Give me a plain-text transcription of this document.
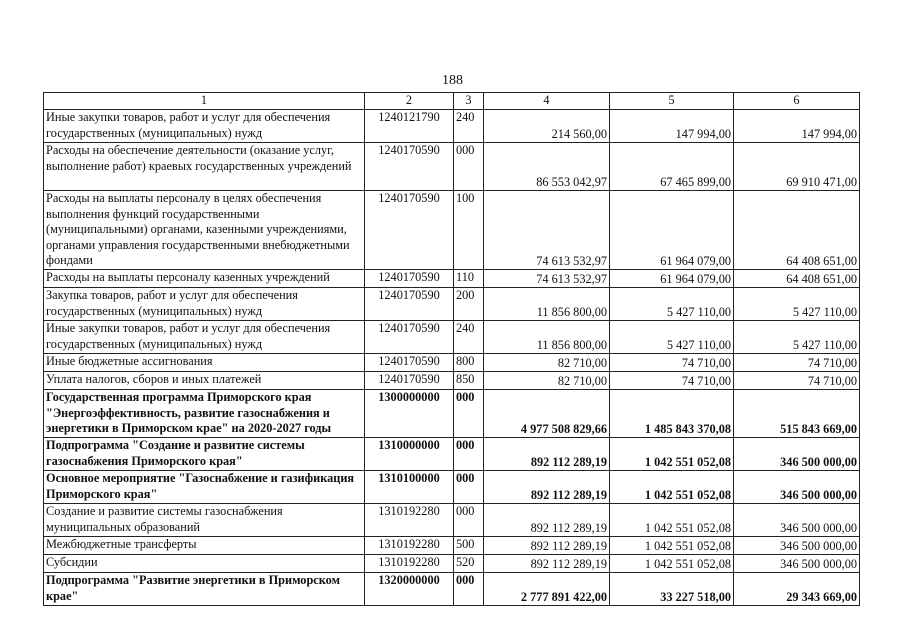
188
1	2	3	4	5	6
Иные закупки товаров, работ и услуг для обеспечения государственных (муниципальных) нужд	1240121790	240	214 560,00	147 994,00	147 994,00
Расходы на обеспечение деятельности (оказание услуг, выполнение работ) краевых государственных учреждений	1240170590	000	86 553 042,97	67 465 899,00	69 910 471,00
Расходы на выплаты персоналу в целях обеспечения выполнения функций государственными (муниципальными) органами, казенными учреждениями, органами управления государственными внебюджетными фондами	1240170590	100	74 613 532,97	61 964 079,00	64 408 651,00
Расходы на выплаты персоналу казенных учреждений	1240170590	110	74 613 532,97	61 964 079,00	64 408 651,00
Закупка товаров, работ и услуг для обеспечения государственных (муниципальных) нужд	1240170590	200	11 856 800,00	5 427 110,00	5 427 110,00
Иные закупки товаров, работ и услуг для обеспечения государственных (муниципальных) нужд	1240170590	240	11 856 800,00	5 427 110,00	5 427 110,00
Иные бюджетные ассигнования	1240170590	800	82 710,00	74 710,00	74 710,00
Уплата налогов, сборов и иных платежей	1240170590	850	82 710,00	74 710,00	74 710,00
Государственная программа Приморского края "Энергоэффективность, развитие газоснабжения и энергетики в Приморском крае" на 2020-2027 годы	1300000000	000	4 977 508 829,66	1 485 843 370,08	515 843 669,00
Подпрограмма "Создание и развитие системы газоснабжения Приморского края"	1310000000	000	892 112 289,19	1 042 551 052,08	346 500 000,00
Основное мероприятие "Газоснабжение и газификация Приморского края"	1310100000	000	892 112 289,19	1 042 551 052,08	346 500 000,00
Создание и развитие системы газоснабжения муниципальных образований	1310192280	000	892 112 289,19	1 042 551 052,08	346 500 000,00
Межбюджетные трансферты	1310192280	500	892 112 289,19	1 042 551 052,08	346 500 000,00
Субсидии	1310192280	520	892 112 289,19	1 042 551 052,08	346 500 000,00
Подпрограмма "Развитие энергетики в Приморском крае"	1320000000	000	2 777 891 422,00	33 227 518,00	29 343 669,00
